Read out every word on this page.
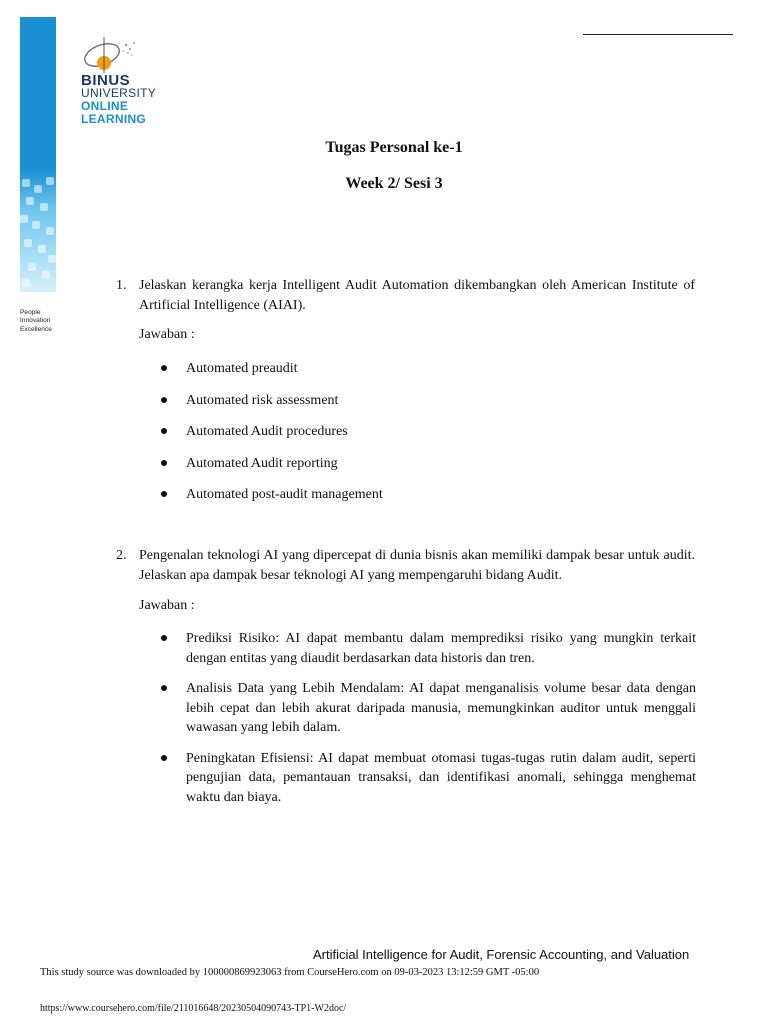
People
Innovation
Excellence
BINUS
UNIVERSITY
ONLINE
LEARNING
Tugas Personal ke-1
Week 2/ Sesi 3
1. Jelaskan kerangka kerja Intelligent Audit Automation dikembangkan oleh American Institute of Artificial Intelligence (AIAI).
Jawaban :
Automated preaudit
Automated risk assessment
Automated Audit procedures
Automated Audit reporting
Automated post-audit management
2. Pengenalan teknologi AI yang dipercepat di dunia bisnis akan memiliki dampak besar untuk audit. Jelaskan apa dampak besar teknologi AI yang mempengaruhi bidang Audit.
Jawaban :
Prediksi Risiko: AI dapat membantu dalam memprediksi risiko yang mungkin terkait dengan entitas yang diaudit berdasarkan data historis dan tren.
Analisis Data yang Lebih Mendalam: AI dapat menganalisis volume besar data dengan lebih cepat dan lebih akurat daripada manusia, memungkinkan auditor untuk menggali wawasan yang lebih dalam.
Peningkatan Efisiensi: AI dapat membuat otomasi tugas-tugas rutin dalam audit, seperti pengujian data, pemantauan transaksi, dan identifikasi anomali, sehingga menghemat waktu dan biaya.
Artificial Intelligence for Audit, Forensic Accounting, and Valuation
This study source was downloaded by 100000869923063 from CourseHero.com on 09-03-2023 13:12:59 GMT -05:00
https://www.coursehero.com/file/211016648/20230504090743-TP1-W2doc/
